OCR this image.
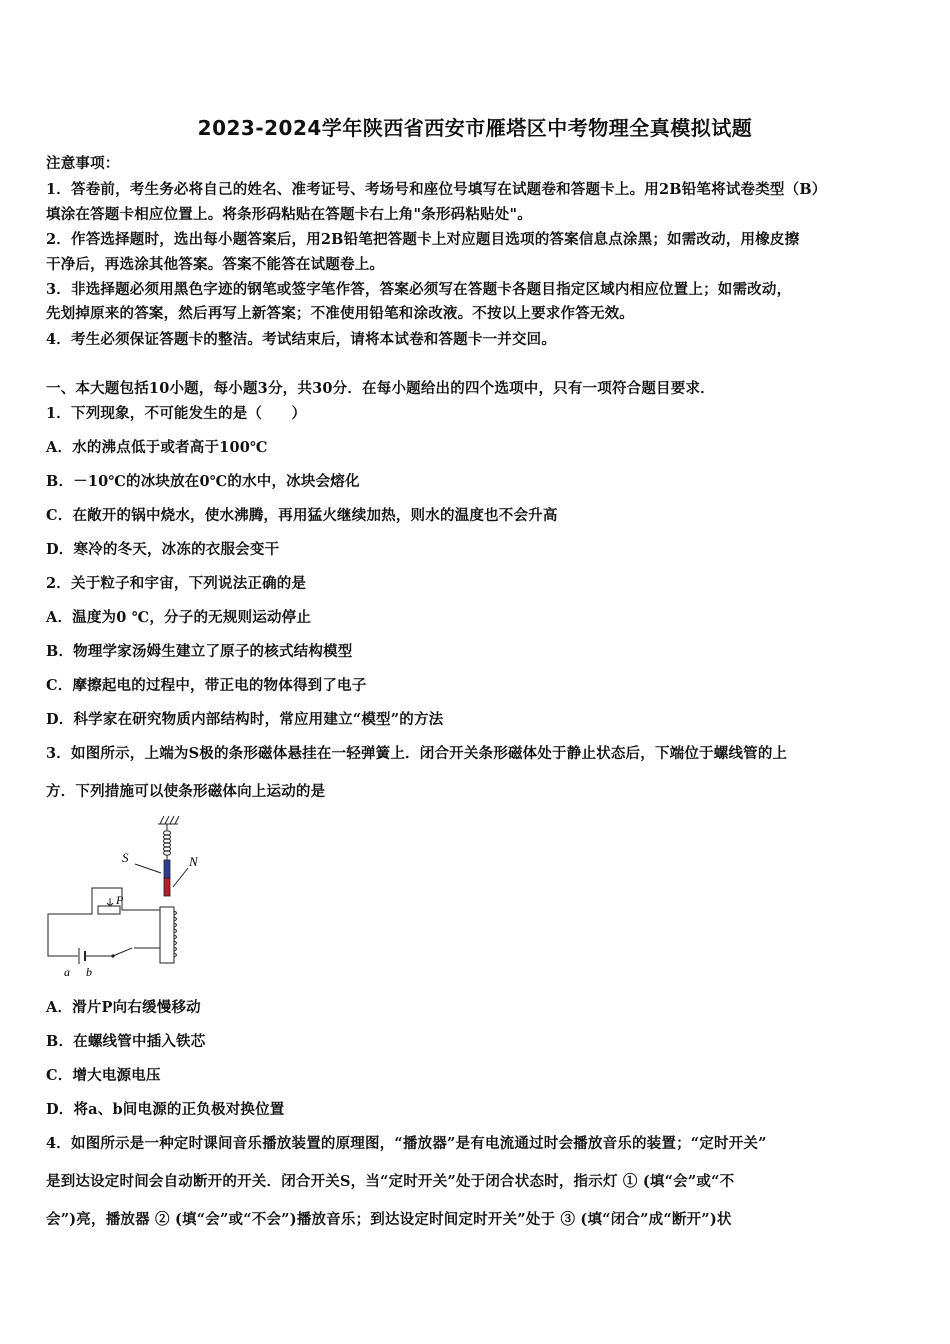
2023-2024学年陕西省西安市雁塔区中考物理全真模拟试题
注意事项：
1．答卷前，考生务必将自己的姓名、准考证号、考场号和座位号填写在试题卷和答题卡上。用2B铅笔将试卷类型（B）
填涂在答题卡相应位置上。将条形码粘贴在答题卡右上角"条形码粘贴处"。
2．作答选择题时，选出每小题答案后，用2B铅笔把答题卡上对应题目选项的答案信息点涂黑；如需改动，用橡皮擦
干净后，再选涂其他答案。答案不能答在试题卷上。
3．非选择题必须用黑色字迹的钢笔或签字笔作答，答案必须写在答题卡各题目指定区域内相应位置上；如需改动，
先划掉原来的答案，然后再写上新答案；不准使用铅笔和涂改液。不按以上要求作答无效。
4．考生必须保证答题卡的整洁。考试结束后，请将本试卷和答题卡一并交回。
一、本大题包括10小题，每小题3分，共30分．在每小题给出的四个选项中，只有一项符合题目要求．
1．下列现象，不可能发生的是（　　）
A．水的沸点低于或者高于100℃
B．－10℃的冰块放在0℃的水中，冰块会熔化
C．在敞开的锅中烧水，使水沸腾，再用猛火继续加热，则水的温度也不会升高
D．寒冷的冬天，冰冻的衣服会变干
2．关于粒子和宇宙，下列说法正确的是
A．温度为0 ℃，分子的无规则运动停止
B．物理学家汤姆生建立了原子的核式结构模型
C．摩擦起电的过程中，带正电的物体得到了电子
D．科学家在研究物质内部结构时，常应用建立“模型”的方法
3．如图所示，上端为S极的条形磁体悬挂在一轻弹簧上．闭合开关条形磁体处于静止状态后，下端位于螺线管的上
方．下列措施可以使条形磁体向上运动的是
S	N
P
a b
A．滑片P向右缓慢移动
B．在螺线管中插入铁芯
C．增大电源电压
D．将a、b间电源的正负极对换位置
4．如图所示是一种定时课间音乐播放装置的原理图，“播放器”是有电流通过时会播放音乐的装置；“定时开关”
是到达设定时间会自动断开的开关．闭合开关S，当“定时开关”处于闭合状态时，指示灯 ① (填“会”或“不
会”)亮，播放器 ② (填“会”或“不会”)播放音乐；到达设定时间定时开关”处于 ③ (填“闭合”成“断开”)状
